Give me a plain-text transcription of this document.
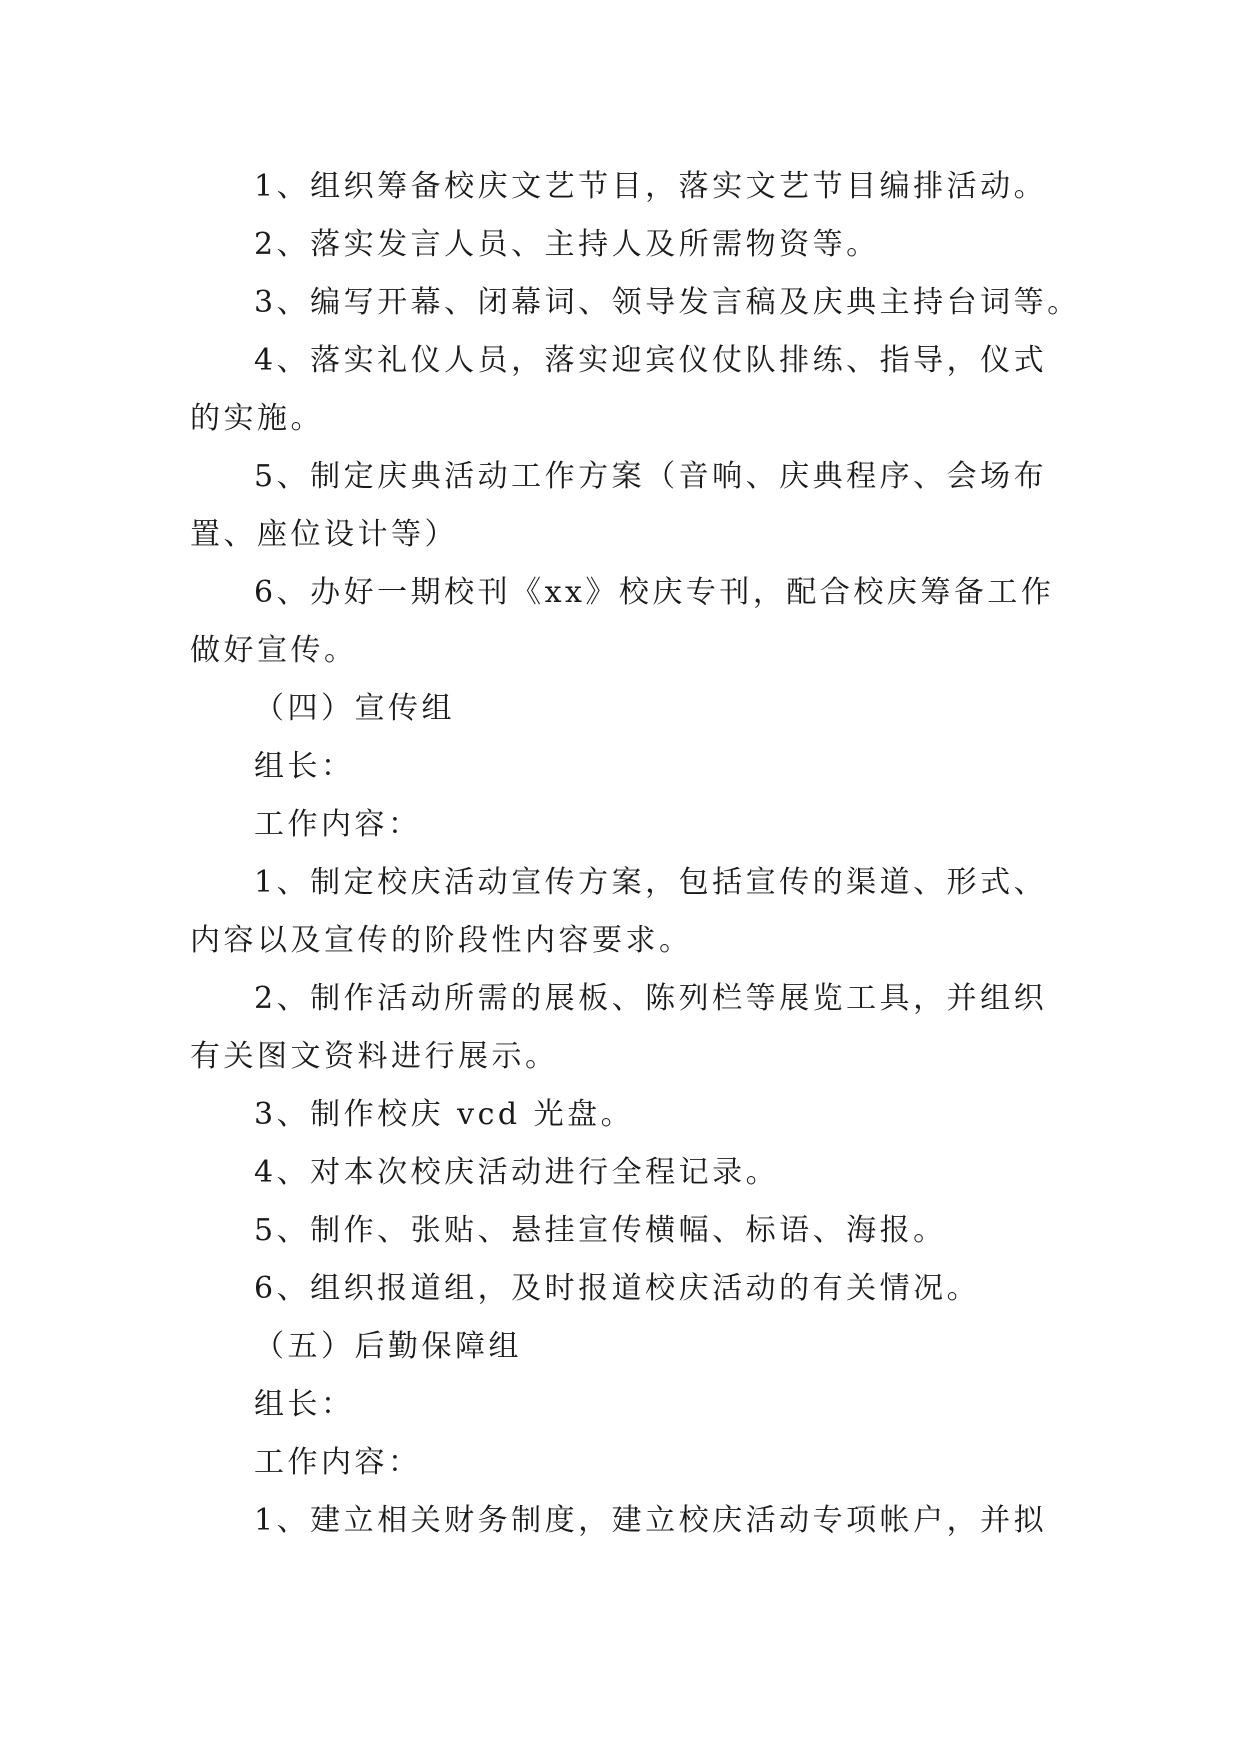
1、组织筹备校庆文艺节目，落实文艺节目编排活动。
2、落实发言人员、主持人及所需物资等。
3、编写开幕、闭幕词、领导发言稿及庆典主持台词等。
4、落实礼仪人员，落实迎宾仪仗队排练、指导，仪式
的实施。
5、制定庆典活动工作方案（音响、庆典程序、会场布
置、座位设计等）
6、办好一期校刊《xx》校庆专刊，配合校庆筹备工作
做好宣传。
（四）宣传组
组长：
工作内容：
1、制定校庆活动宣传方案，包括宣传的渠道、形式、
内容以及宣传的阶段性内容要求。
2、制作活动所需的展板、陈列栏等展览工具，并组织
有关图文资料进行展示。
3、制作校庆 vcd 光盘。
4、对本次校庆活动进行全程记录。
5、制作、张贴、悬挂宣传横幅、标语、海报。
6、组织报道组，及时报道校庆活动的有关情况。
（五）后勤保障组
组长：
工作内容：
1、建立相关财务制度，建立校庆活动专项帐户，并拟
